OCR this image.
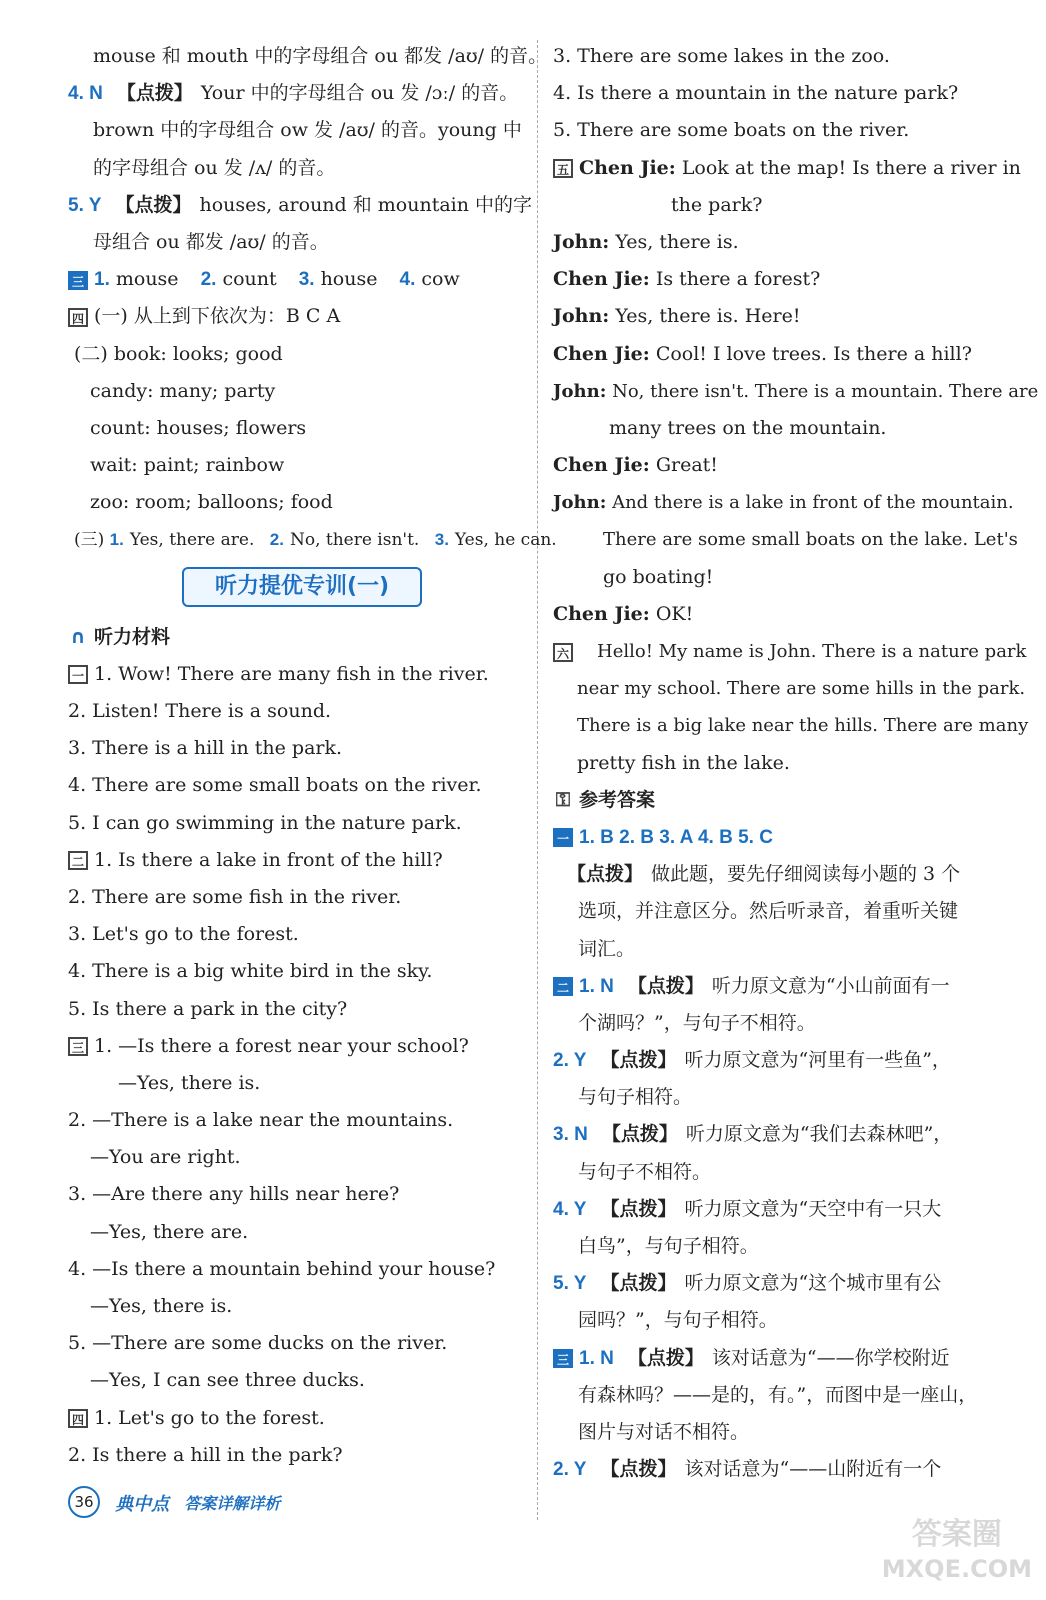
mouse 和 mouth 中的字母组合 ou 都发 /aʊ/ 的音。
4. N 【点拨】 Your 中的字母组合 ou 发 /ɔː/ 的音。
brown 中的字母组合 ow 发 /aʊ/ 的音。young 中
的字母组合 ou 发 /ʌ/ 的音。
5. Y 【点拨】 houses, around 和 mountain 中的字
母组合 ou 都发 /aʊ/ 的音。
三 1. mouse 2. count 3. house 4. cow
四 (一) 从上到下依次为：B C A
(二) book: looks; good
candy: many; party
count: houses; flowers
wait: paint; rainbow
zoo: room; balloons; food
(三) 1. Yes, there are. 2. No, there isn't. 3. Yes, he can.
听力提优专训(一)
∩ 听力材料
一 1. Wow! There are many fish in the river.
2. Listen! There is a sound.
3. There is a hill in the park.
4. There are some small boats on the river.
5. I can go swimming in the nature park.
二 1. Is there a lake in front of the hill?
2. There are some fish in the river.
3. Let's go to the forest.
4. There is a big white bird in the sky.
5. Is there a park in the city?
三 1. —Is there a forest near your school?
—Yes, there is.
2. —There is a lake near the mountains.
—You are right.
3. —Are there any hills near here?
—Yes, there are.
4. —Is there a mountain behind your house?
—Yes, there is.
5. —There are some ducks on the river.
—Yes, I can see three ducks.
四 1. Let's go to the forest.
2. Is there a hill in the park?
3. There are some lakes in the zoo.
4. Is there a mountain in the nature park?
5. There are some boats on the river.
五 Chen Jie: Look at the map! Is there a river in
the park?
John: Yes, there is.
Chen Jie: Is there a forest?
John: Yes, there is. Here!
Chen Jie: Cool! I love trees. Is there a hill?
John: No, there isn't. There is a mountain. There are
many trees on the mountain.
Chen Jie: Great!
John: And there is a lake in front of the mountain.
There are some small boats on the lake. Let's
go boating!
Chen Jie: OK!
六 Hello! My name is John. There is a nature park
near my school. There are some hills in the park.
There is a big lake near the hills. There are many
pretty fish in the lake.
⚿ 参考答案
一 1. B 2. B 3. A 4. B 5. C
【点拨】 做此题，要先仔细阅读每小题的 3 个
选项，并注意区分。然后听录音，着重听关键
词汇。
二 1. N 【点拨】 听力原文意为“小山前面有一
个湖吗？”，与句子不相符。
2. Y 【点拨】 听力原文意为“河里有一些鱼”，
与句子相符。
3. N 【点拨】 听力原文意为“我们去森林吧”，
与句子不相符。
4. Y 【点拨】 听力原文意为“天空中有一只大
白鸟”，与句子相符。
5. Y 【点拨】 听力原文意为“这个城市里有公
园吗？”，与句子相符。
三 1. N 【点拨】 该对话意为“——你学校附近
有森林吗？——是的，有。”，而图中是一座山，
图片与对话不相符。
2. Y 【点拨】 该对话意为“——山附近有一个
36 典中点 答案详解详析
答案圈
MXQE.COM
